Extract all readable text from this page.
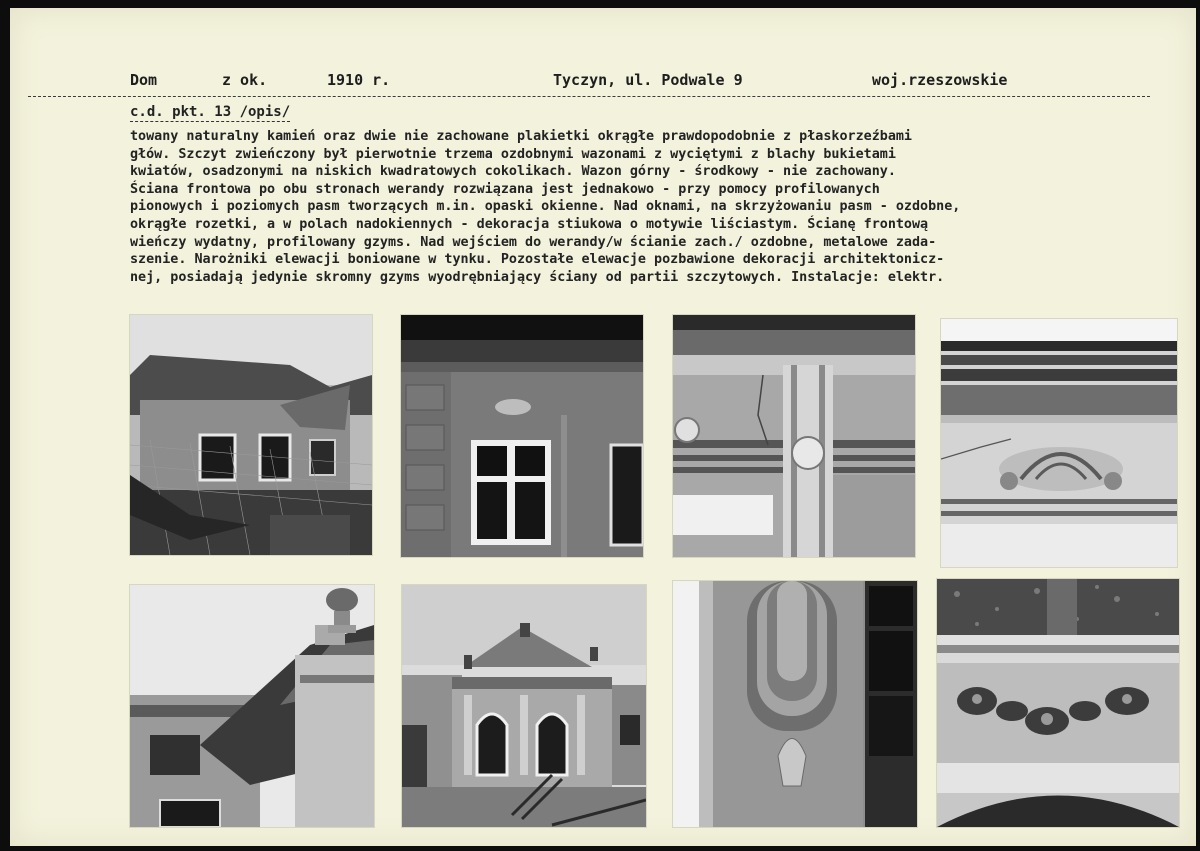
Dom	z ok.	1910 r.	Tyczyn, ul. Podwale 9	woj.rzeszowskie
c.d. pkt. 13 /opis/
towany naturalny kamień oraz dwie nie zachowane plakietki okrągłe prawdopodobnie z płaskorzeźbami
głów. Szczyt zwieńczony był pierwotnie trzema ozdobnymi wazonami z wyciętymi z blachy bukietami
kwiatów, osadzonymi na niskich kwadratowych cokolikach. Wazon górny - środkowy - nie zachowany.
Ściana frontowa po obu stronach werandy rozwiązana jest jednakowo - przy pomocy profilowanych
pionowych i poziomych pasm tworzących m.in. opaski okienne. Nad oknami, na skrzyżowaniu pasm - ozdobne,
okrągłe rozetki, a w polach nadokiennych - dekoracja stiukowa o motywie liściastym. Ścianę frontową
wieńczy wydatny, profilowany gzyms. Nad wejściem do werandy/w ścianie zach./ ozdobne, metalowe zada-
szenie. Narożniki elewacji boniowane w tynku. Pozostałe elewacje pozbawione dekoracji architektonicz-
nej, posiadają jedynie skromny gzyms wyodrębniający ściany od partii szczytowych. Instalacje: elektr.
